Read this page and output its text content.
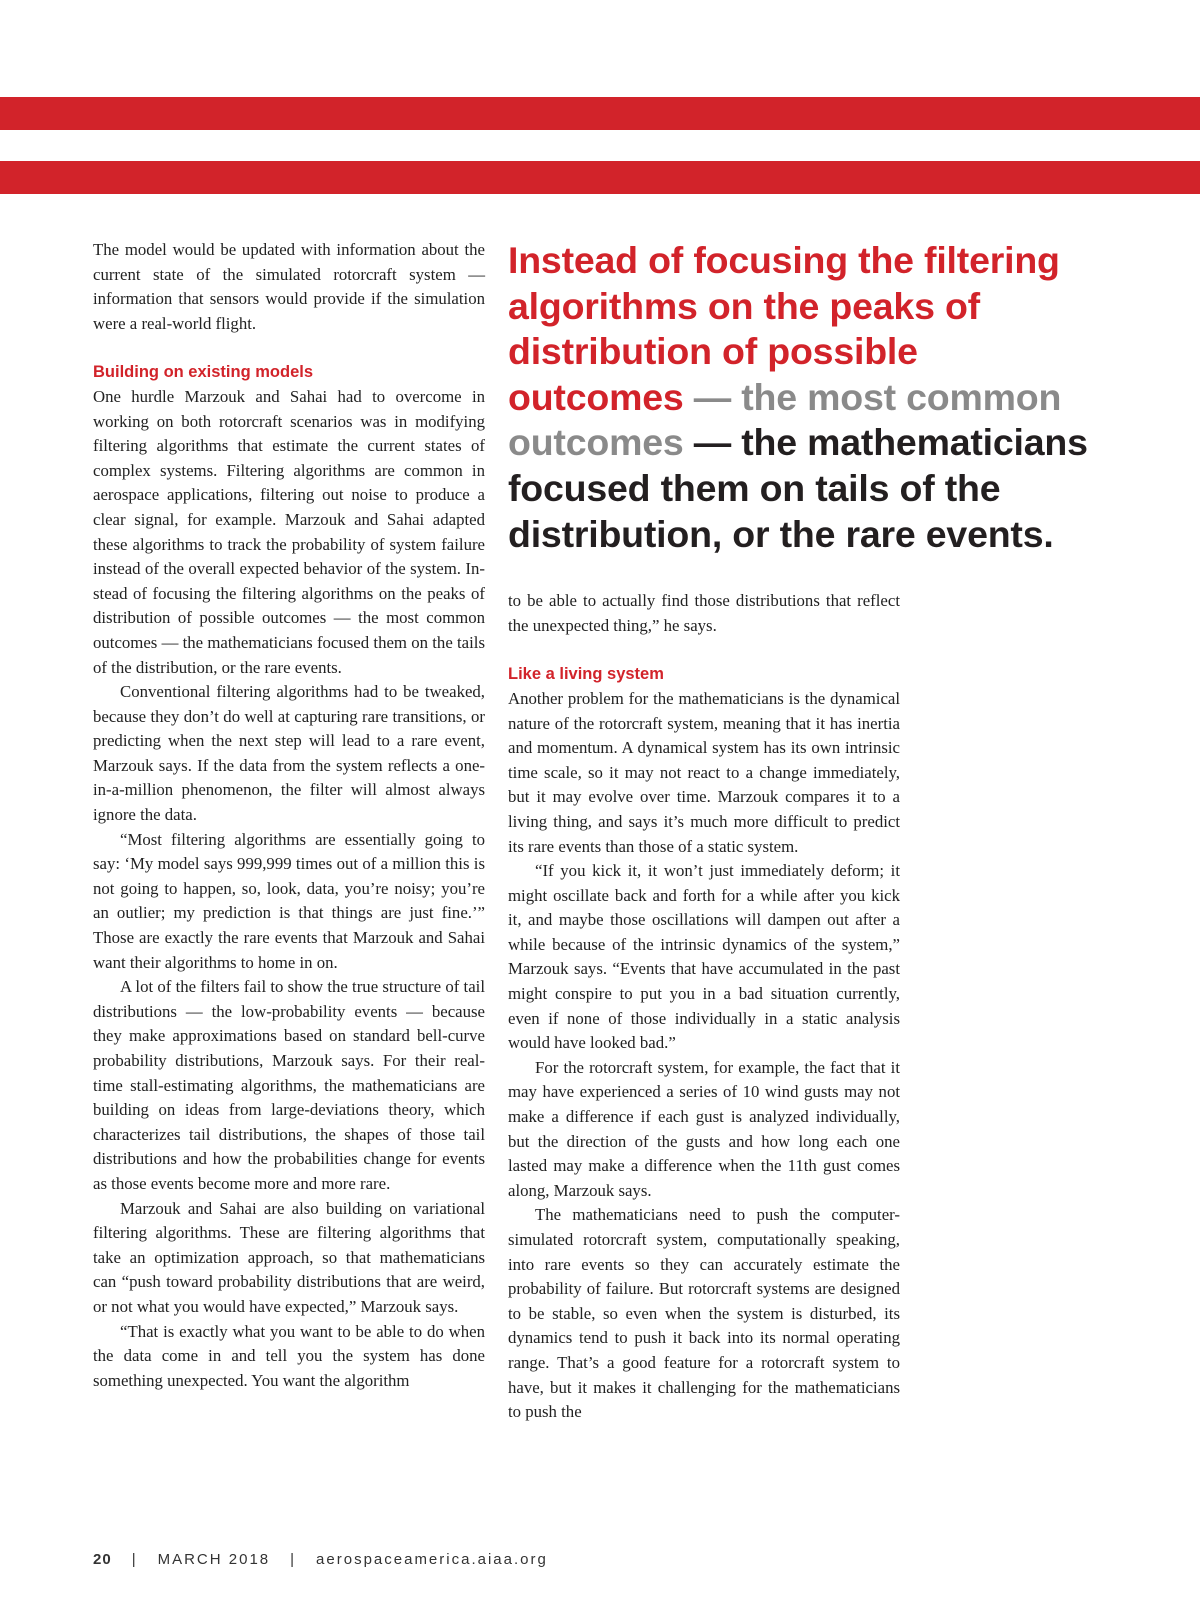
The model would be updated with information about the current state of the simulated rotorcraft system — information that sensors would provide if the simulation were a real-world flight.

Building on existing models

One hurdle Marzouk and Sahai had to overcome in working on both rotorcraft scenarios was in modifying filtering algorithms that estimate the current states of complex systems. Filtering algorithms are common in aerospace applications, filtering out noise to produce a clear signal, for example. Marzouk and Sahai adapted these algorithms to track the probability of system failure instead of the overall expected behavior of the system. Instead of focusing the filtering algorithms on the peaks of distribution of possible outcomes — the most common outcomes — the mathematicians focused them on the tails of the distribution, or the rare events.

Conventional filtering algorithms had to be tweaked, because they don’t do well at capturing rare transitions, or predicting when the next step will lead to a rare event, Marzouk says. If the data from the system reflects a one-in-a-million phenomenon, the filter will almost always ignore the data.

“Most filtering algorithms are essentially going to say: ‘My model says 999,999 times out of a million this is not going to happen, so, look, data, you’re noisy; you’re an outlier; my prediction is that things are just fine.’” Those are exactly the rare events that Marzouk and Sahai want their algorithms to home in on.

A lot of the filters fail to show the true structure of tail distributions — the low-probability events — because they make approximations based on standard bell-curve probability distributions, Marzouk says. For their real-time stall-estimating algorithms, the mathematicians are building on ideas from large-deviations theory, which characterizes tail distributions, the shapes of those tail distributions and how the probabilities change for events as those events become more and more rare.

Marzouk and Sahai are also building on variational filtering algorithms. These are filtering algorithms that take an optimization approach, so that mathematicians can “push toward probability distributions that are weird, or not what you would have expected,” Marzouk says.

“That is exactly what you want to be able to do when the data come in and tell you the system has done something unexpected. You want the algorithm

Instead of focusing the filtering algorithms on the peaks of distribution of possible outcomes — the most common outcomes — the mathematicians focused them on tails of the distribution, or the rare events.

to be able to actually find those distributions that reflect the unexpected thing,” he says.

Like a living system

Another problem for the mathematicians is the dynamical nature of the rotorcraft system, meaning that it has inertia and momentum. A dynamical system has its own intrinsic time scale, so it may not react to a change immediately, but it may evolve over time. Marzouk compares it to a living thing, and says it’s much more difficult to predict its rare events than those of a static system.

“If you kick it, it won’t just immediately deform; it might oscillate back and forth for a while after you kick it, and maybe those oscillations will dampen out after a while because of the intrinsic dynamics of the system,” Marzouk says. “Events that have accumulated in the past might conspire to put you in a bad situation currently, even if none of those individually in a static analysis would have looked bad.”

For the rotorcraft system, for example, the fact that it may have experienced a series of 10 wind gusts may not make a difference if each gust is analyzed individually, but the direction of the gusts and how long each one lasted may make a difference when the 11th gust comes along, Marzouk says.

The mathematicians need to push the computer-simulated rotorcraft system, computationally speaking, into rare events so they can accurately estimate the probability of failure. But rotorcraft systems are designed to be stable, so even when the system is disturbed, its dynamics tend to push it back into its normal operating range. That’s a good feature for a rotorcraft system to have, but it makes it challenging for the mathematicians to push the

20 | MARCH 2018 | aerospaceamerica.aiaa.org
